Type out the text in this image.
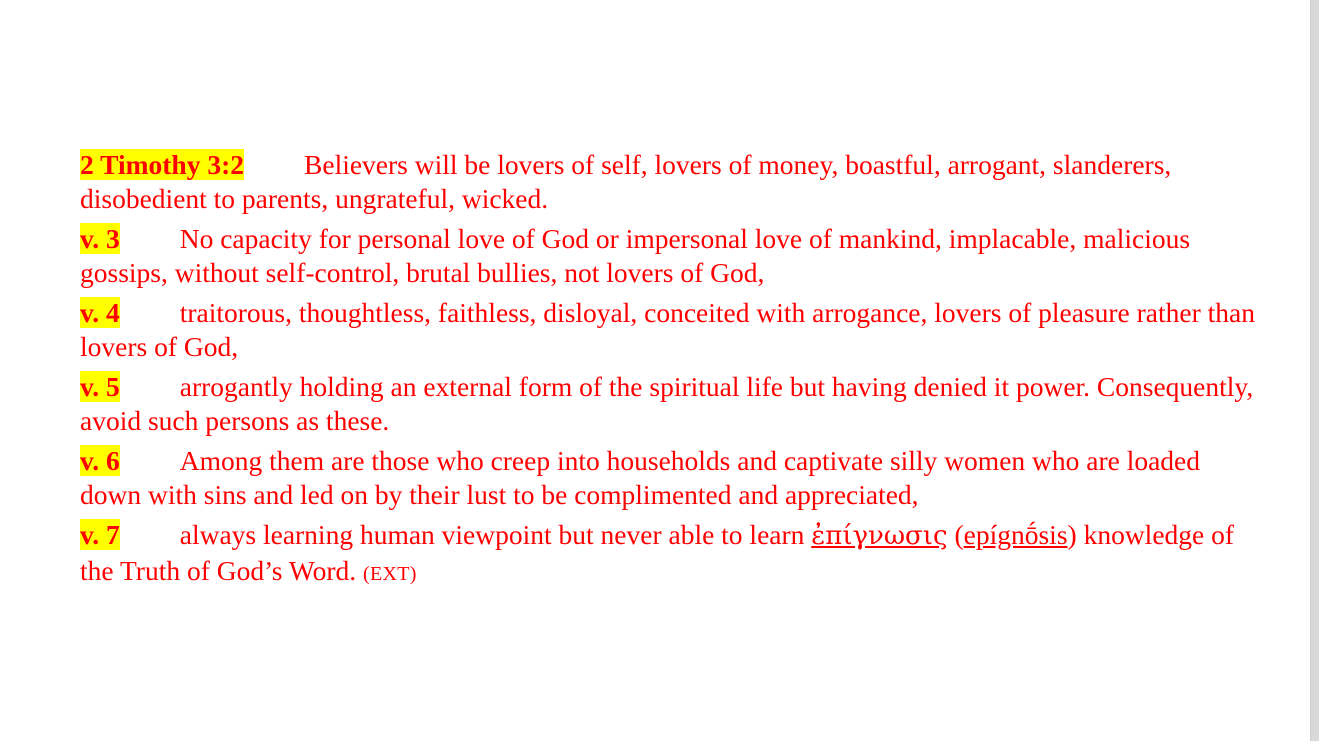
2 Timothy 3:2 Believers will be lovers of self, lovers of money, boastful, arrogant, slanderers, disobedient to parents, ungrateful, wicked.

v. 3 No capacity for personal love of God or impersonal love of mankind, implacable, malicious gossips, without self-control, brutal bullies, not lovers of God,

v. 4 traitorous, thoughtless, faithless, disloyal, conceited with arrogance, lovers of pleasure rather than lovers of God,

v. 5 arrogantly holding an external form of the spiritual life but having denied it power. Consequently, avoid such persons as these.

v. 6 Among them are those who creep into households and captivate silly women who are loaded down with sins and led on by their lust to be complimented and appreciated,

v. 7 always learning human viewpoint but never able to learn ἐπίγνωσις (epígnṓsis) knowledge of the Truth of God’s Word. (EXT)
